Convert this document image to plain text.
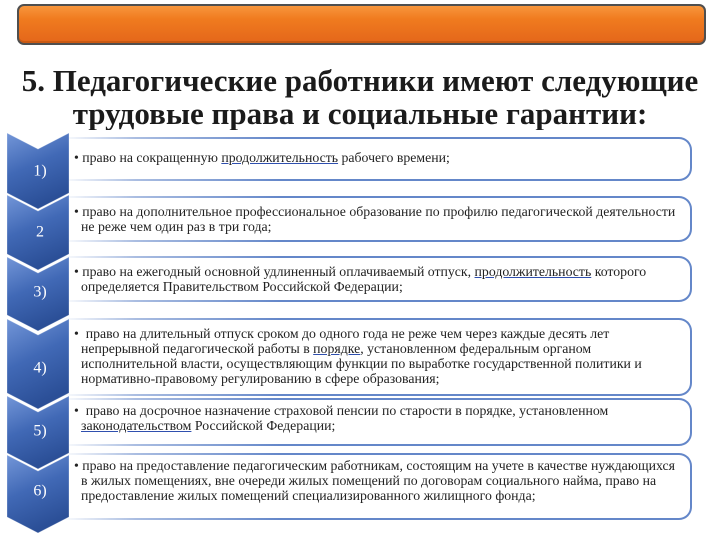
5. Педагогические работники имеют следующие
трудовые права и социальные гарантии:
• право на сокращенную продолжительность рабочего времени;
• право на дополнительное профессиональное образование по профилю педагогической деятельности
не реже чем один раз в три года;
• право на ежегодный основной удлиненный оплачиваемый отпуск, продолжительность которого
определяется Правительством Российской Федерации;
•  право на длительный отпуск сроком до одного года не реже чем через каждые десять лет
непрерывной педагогической работы в порядке, установленном федеральным органом
исполнительной власти, осуществляющим функции по выработке государственной политики и
нормативно-правовому регулированию в сфере образования;
•  право на досрочное назначение страховой пенсии по старости в порядке, установленном
законодательством Российской Федерации;
• право на предоставление педагогическим работникам, состоящим на учете в качестве нуждающихся
в жилых помещениях, вне очереди жилых помещений по договорам социального найма, право на
предоставление жилых помещений специализированного жилищного фонда;
1)
2
3)
4)
5)
6)
